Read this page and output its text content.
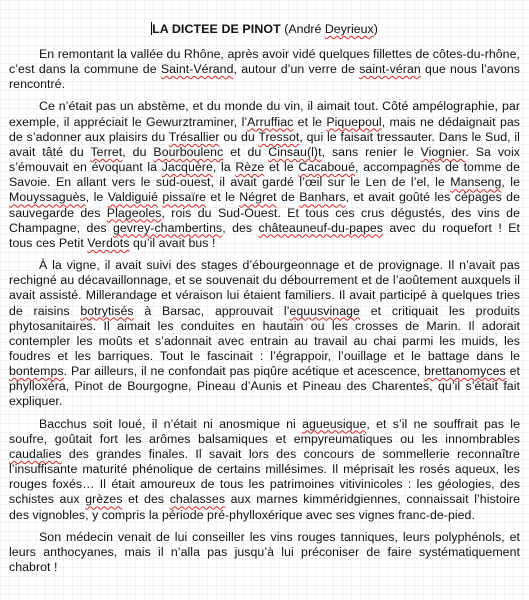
LA DICTEE DE PINOT (André Deyrieux)

En remontant la vallée du Rhône, après avoir vidé quelques fillettes de côtes-du-rhône, c’est dans la commune de Saint-Vérand, autour d’un verre de saint-véran que nous l’avons rencontré.

Ce n’était pas un abstème, et du monde du vin, il aimait tout. Côté ampélographie, par exemple, il appréciait le Gewurztraminer, l’Arruffiac et le Piquepoul, mais ne dédaignait pas de s’adonner aux plaisirs du Trésallier ou du Tressot, qui le faisait tressauter. Dans le Sud, il avait tâté du Terret, du Bourboulenc et du Cinsau(l)t, sans renier le Viognier. Sa voix s’émouvait en évoquant la Jacquère, la Rèze et le Cacaboué, accompagnés de tomme de Savoie. En allant vers le sud-ouest, il avait gardé l’œil sur le Len de l’el, le Manseng, le Mouyssaguès, le Valdiguié pissaïre et le Négret de Banhars, et avait goûté les cépages de sauvegarde des Plageoles, rois du Sud-Ouest. Et tous ces crus dégustés, des vins de Champagne, des gevrey-chambertins, des châteauneuf-du-papes avec du roquefort ! Et tous ces Petit Verdots qu’il avait bus !

À la vigne, il avait suivi des stages d’ébourgeonnage et de provignage. Il n’avait pas rechigné au décavaillonnage, et se souvenait du débourrement et de l’aoûtement auxquels il avait assisté. Millerandage et véraison lui étaient familiers. Il avait participé à quelques tries de raisins botrytisés à Barsac, approuvait l’equusvinage et critiquait les produits phytosanitaires. Il aimait les conduites en hautain ou les crosses de Marin. Il adorait contempler les moûts et s’adonnait avec entrain au travail au chai parmi les muids, les foudres et les barriques. Tout le fascinait : l’égrappoir, l’ouillage et le battage dans le bontemps. Par ailleurs, il ne confondait pas piqûre acétique et acescence, brettanomyces et phylloxéra, Pinot de Bourgogne, Pineau d’Aunis et Pineau des Charentes, qu’il s’était fait expliquer.

Bacchus soit loué, il n’était ni anosmique ni agueusique, et s’il ne souffrait pas le soufre, goûtait fort les arômes balsamiques et empyreumatiques ou les innombrables caudalies des grandes finales. Il savait lors des concours de sommellerie reconnaître l’insuffisante maturité phénolique de certains millésimes. Il méprisait les rosés aqueux, les rouges foxés… Il était amoureux de tous les patrimoines vitivinicoles : les géologies, des schistes aux grèzes et des chalasses aux marnes kimméridgiennes, connaissait l’histoire des vignobles, y compris la période pré-phylloxérique avec ses vignes franc-de-pied.

Son médecin venait de lui conseiller les vins rouges tanniques, leurs polyphénols, et leurs anthocyanes, mais il n’alla pas jusqu’à lui préconiser de faire systématiquement chabrot !
